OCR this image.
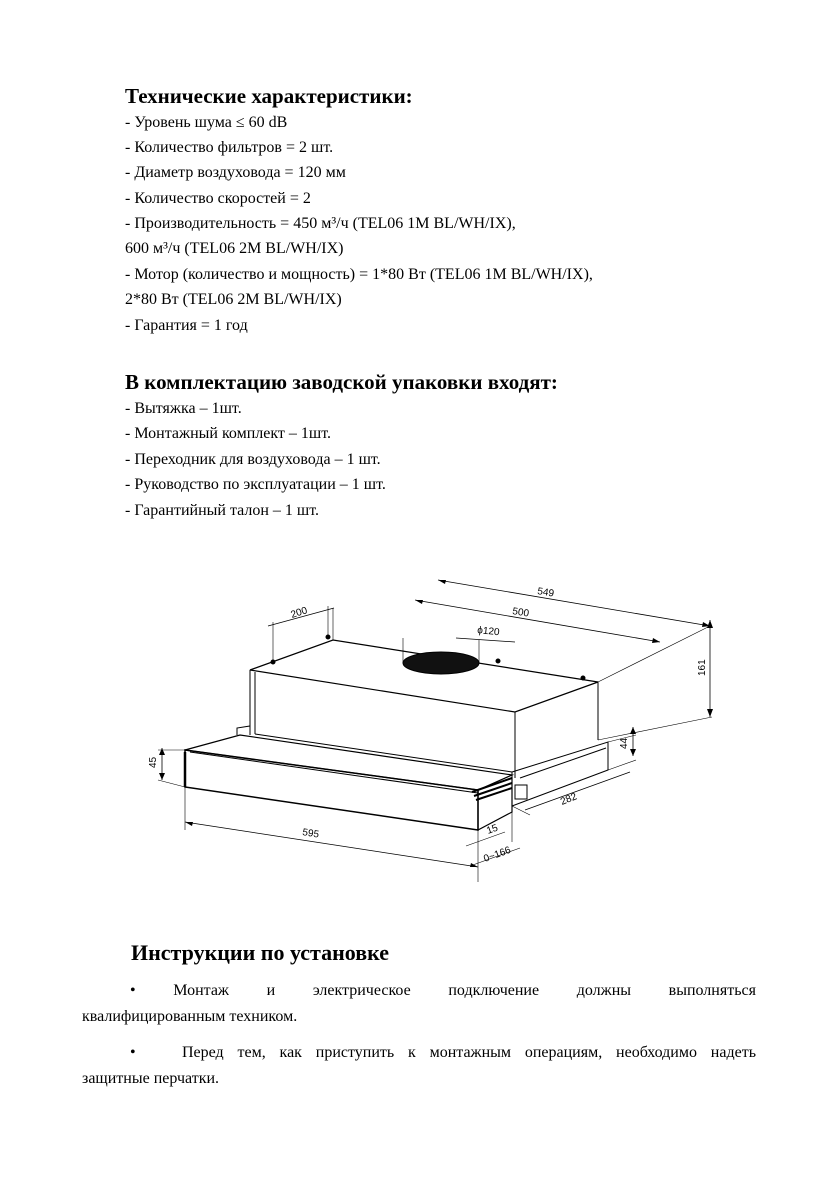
Технические характеристики:

- Уровень шума ≤ 60 dB

- Количество фильтров = 2 шт.

- Диаметр воздуховода = 120 мм

- Количество скоростей = 2

- Производительность = 450 м³/ч (TEL06 1M BL/WH/IX),

600 м³/ч (TEL06 2M BL/WH/IX)

- Мотор (количество и мощность) = 1*80 Вт (TEL06 1M BL/WH/IX),

2*80 Вт (TEL06 2M BL/WH/IX)

- Гарантия = 1 год

В комплектацию заводской упаковки входят:

- Вытяжка – 1шт.

- Монтажный комплект – 1шт.

- Переходник для воздуховода – 1 шт.

- Руководство по эксплуатации – 1 шт.

- Гарантийный талон – 1 шт.

549
500
ϕ120
200
161
44
45
282
595	15
0~166
Инструкции по установке
• Монтаж и электрическое подключение должны выполняться
квалифицированным техником.
•	Перед тем, как приступить к монтажным операциям, необходимо надеть
защитные перчатки.
